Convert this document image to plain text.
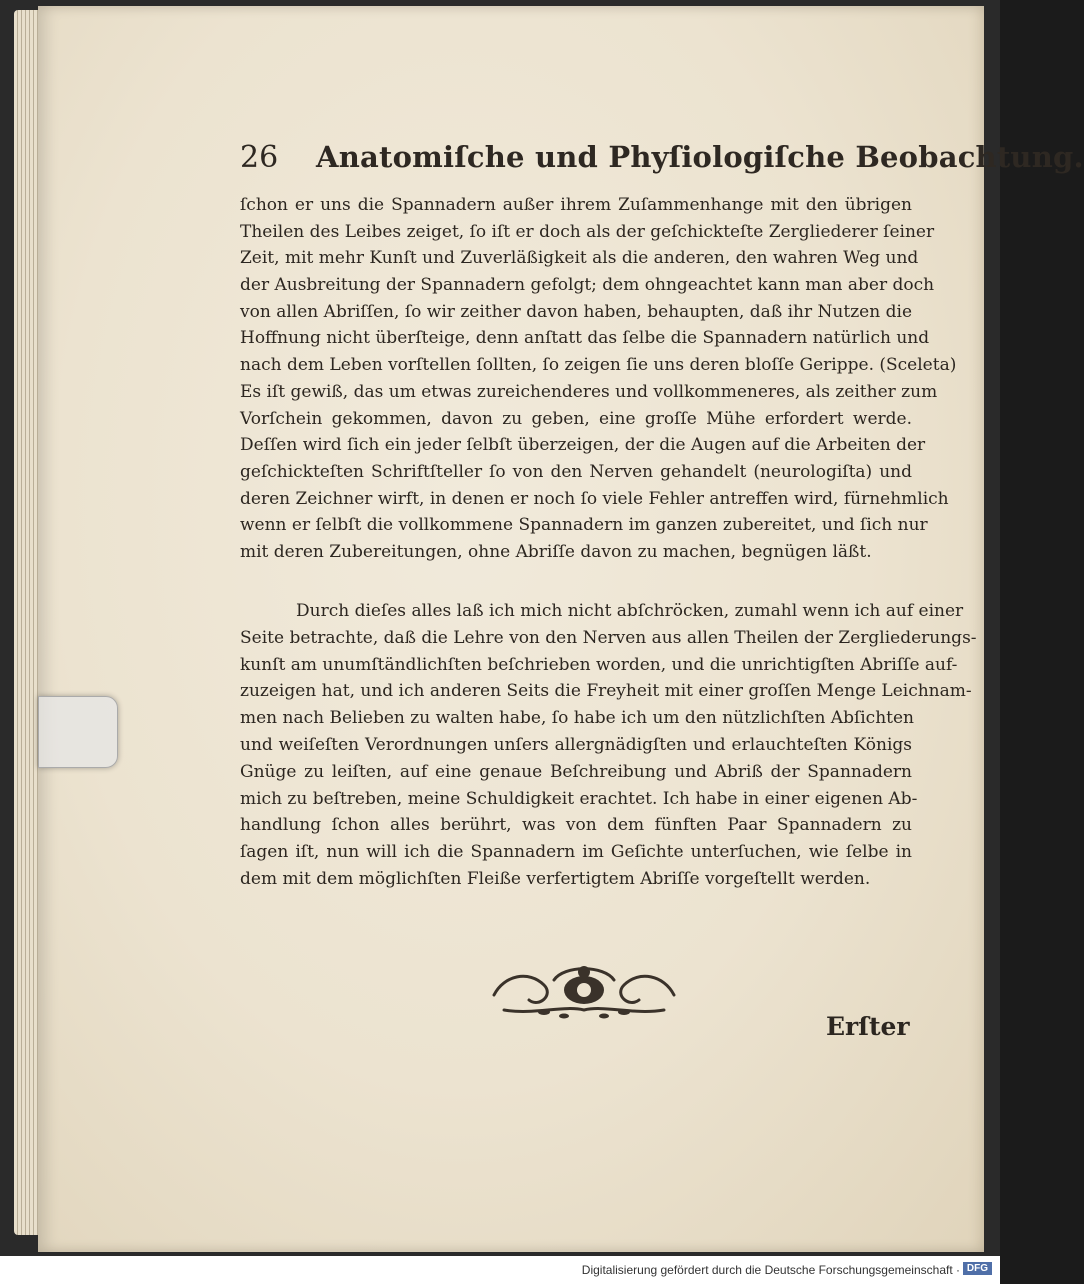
26 Anatomiſche und Phyſiologiſche Beobachtung.
ſchon er uns die Spannadern außer ihrem Zuſammenhange mit den übrigen
Theilen des Leibes zeiget, ſo iſt er doch als der geſchickteſte Zergliederer ſeiner
Zeit, mit mehr Kunſt und Zuverläßigkeit als die anderen, den wahren Weg und
der Ausbreitung der Spannadern gefolgt; dem ohngeachtet kann man aber doch
von allen Abriſſen, ſo wir zeither davon haben, behaupten, daß ihr Nutzen die
Hoffnung nicht überſteige, denn anſtatt das ſelbe die Spannadern natürlich und
nach dem Leben vorſtellen ſollten, ſo zeigen ſie uns deren bloſſe Gerippe. (Sceleta)
Es iſt gewiß, das um etwas zureichenderes und vollkommeneres, als zeither zum
Vorſchein gekommen, davon zu geben, eine groſſe Mühe erfordert werde.
Deſſen wird ſich ein jeder ſelbſt überzeigen, der die Augen auf die Arbeiten der
geſchickteſten Schriftſteller ſo von den Nerven gehandelt (neurologiſta) und
deren Zeichner wirft, in denen er noch ſo viele Fehler antreffen wird, fürnehmlich
wenn er ſelbſt die vollkommene Spannadern im ganzen zubereitet, und ſich nur
mit deren Zubereitungen, ohne Abriſſe davon zu machen, begnügen läßt.
Durch dieſes alles laß ich mich nicht abſchröcken, zumahl wenn ich auf einer
Seite betrachte, daß die Lehre von den Nerven aus allen Theilen der Zergliederungs-
kunſt am unumſtändlichſten beſchrieben worden, und die unrichtigſten Abriſſe auf-
zuzeigen hat, und ich anderen Seits die Freyheit mit einer groſſen Menge Leichnam-
men nach Belieben zu walten habe, ſo habe ich um den nützlichſten Abſichten
und weiſeſten Verordnungen unſers allergnädigſten und erlauchteſten Königs
Gnüge zu leiſten, auf eine genaue Beſchreibung und Abriß der Spannadern
mich zu beſtreben, meine Schuldigkeit erachtet. Ich habe in einer eigenen Ab-
handlung ſchon alles berührt, was von dem fünften Paar Spannadern zu
ſagen iſt, nun will ich die Spannadern im Geſichte unterſuchen, wie ſelbe in
dem mit dem möglichſten Fleiße verfertigtem Abriſſe vorgeſtellt werden.
Erſter
Digitalisierung gefördert durch die Deutsche Forschungsgemeinschaft · DFG
